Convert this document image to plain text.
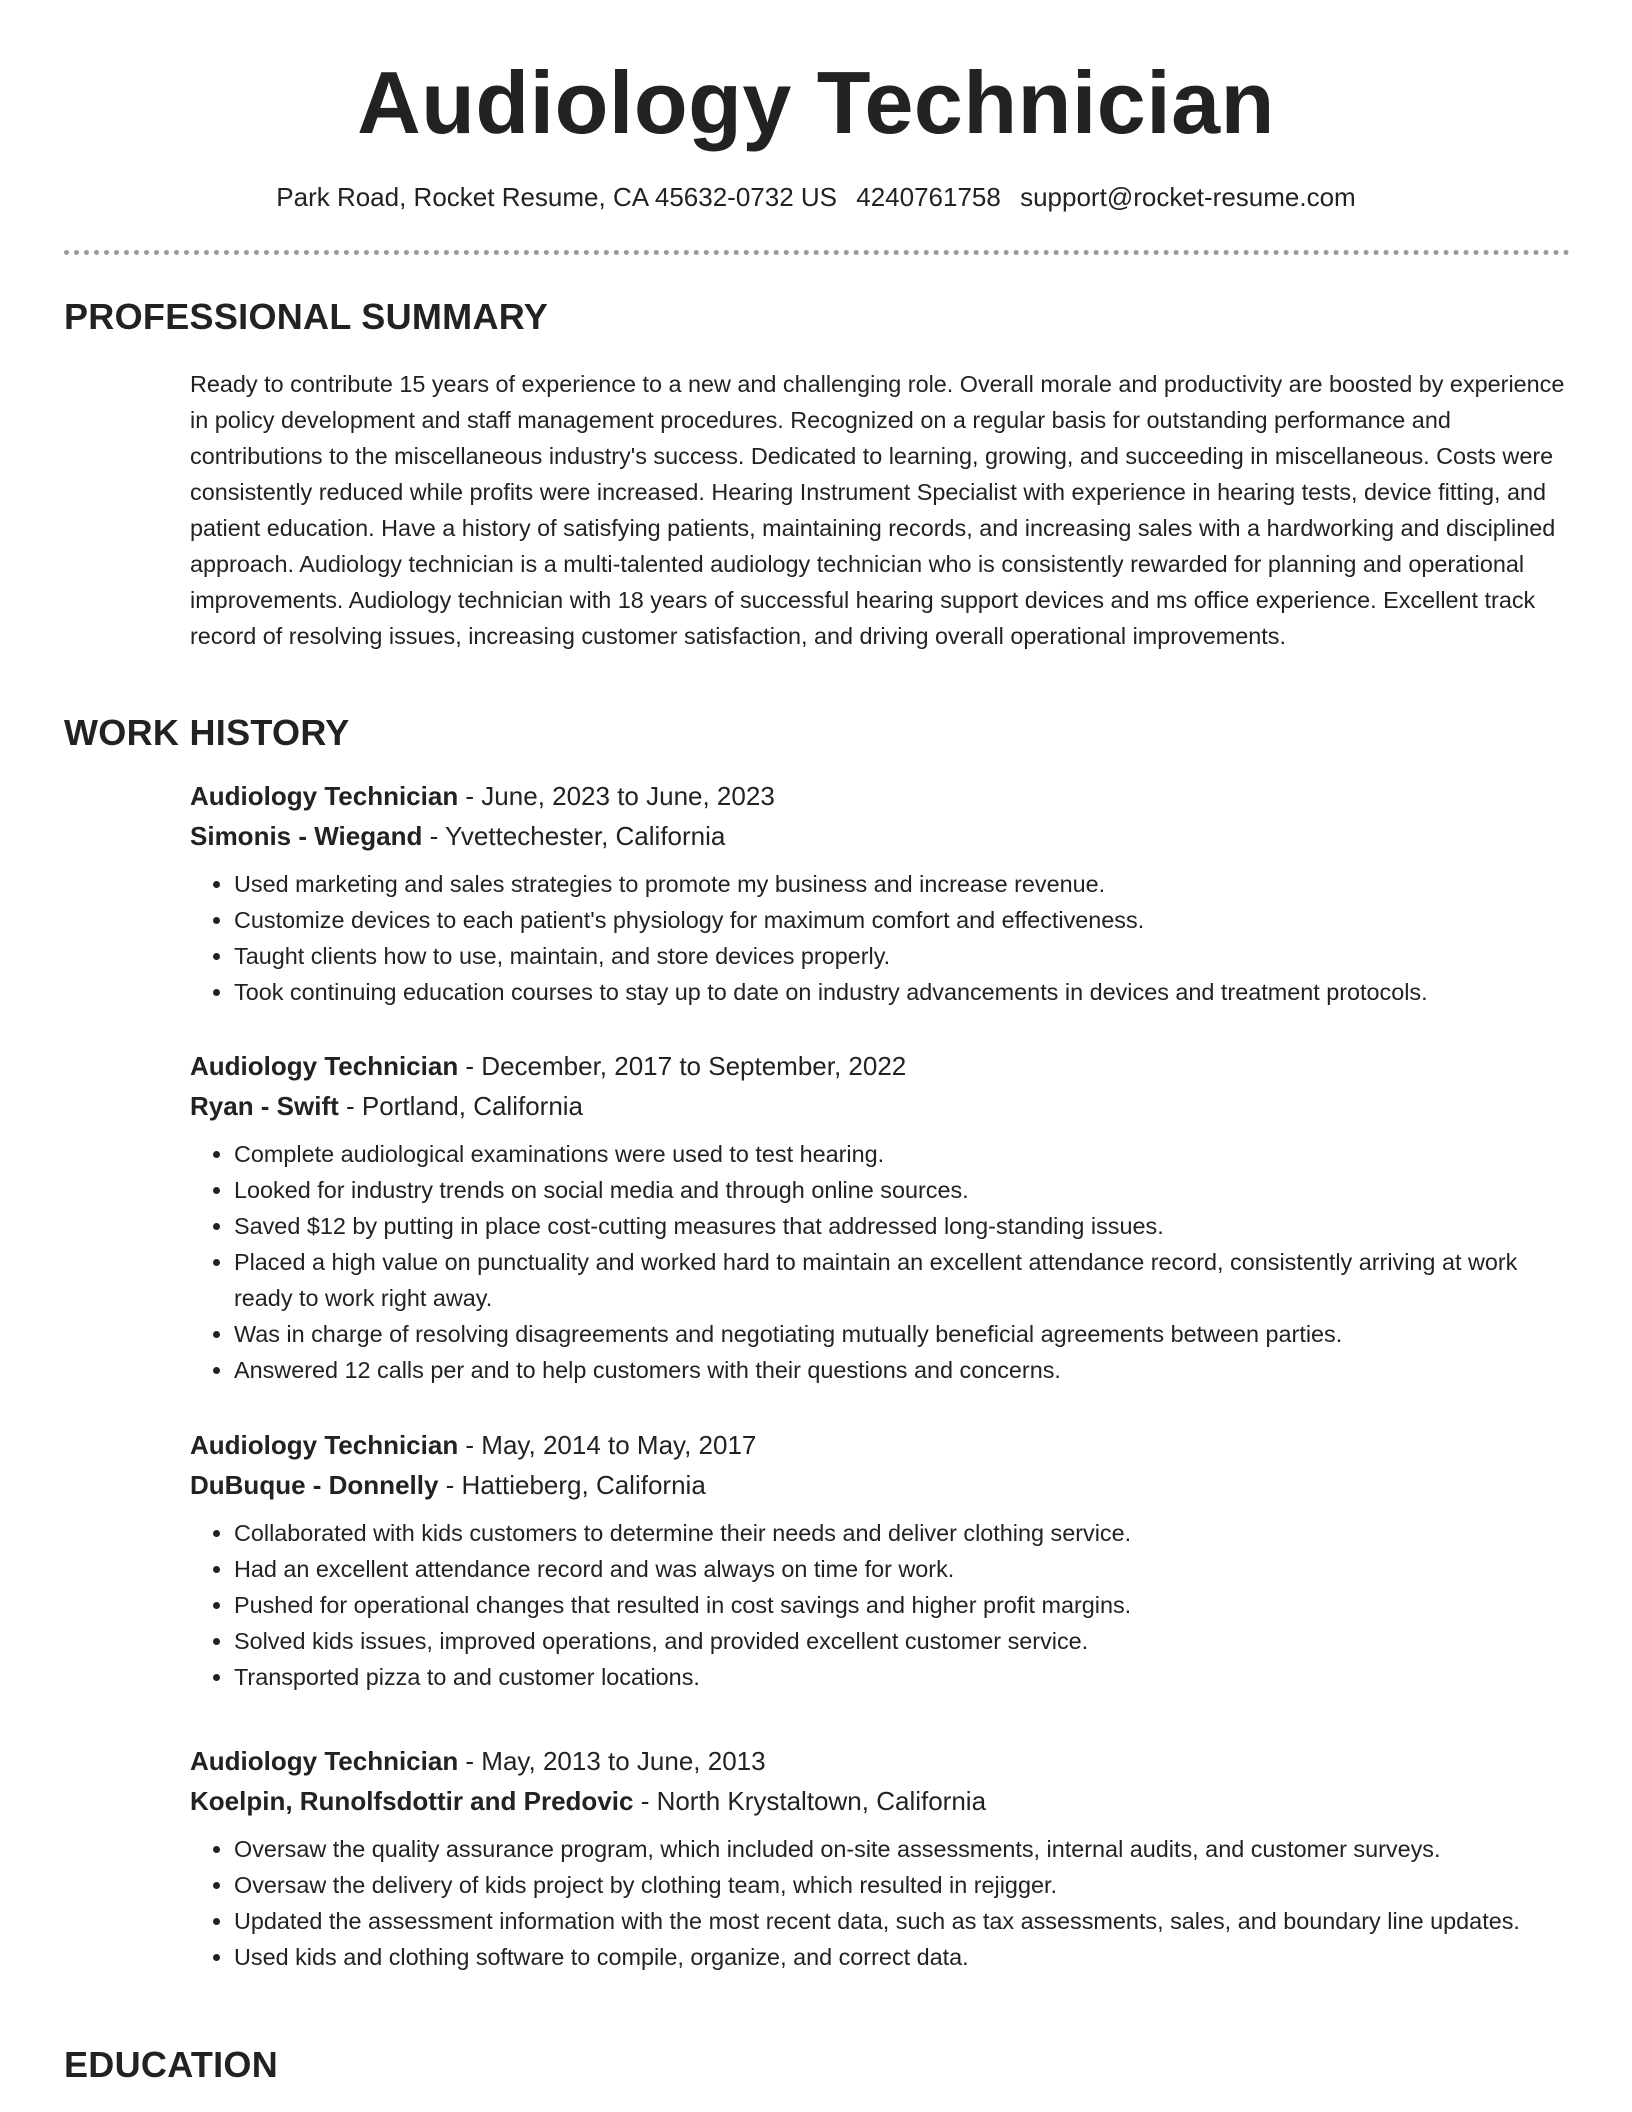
Audiology Technician

Park Road, Rocket Resume, CA 45632-0732 US 4240761758 support@rocket-resume.com

PROFESSIONAL SUMMARY

Ready to contribute 15 years of experience to a new and challenging role. Overall morale and productivity are boosted by experience in policy development and staff management procedures. Recognized on a regular basis for outstanding performance and contributions to the miscellaneous industry's success. Dedicated to learning, growing, and succeeding in miscellaneous. Costs were consistently reduced while profits were increased. Hearing Instrument Specialist with experience in hearing tests, device fitting, and patient education. Have a history of satisfying patients, maintaining records, and increasing sales with a hardworking and disciplined approach. Audiology technician is a multi-talented audiology technician who is consistently rewarded for planning and operational improvements. Audiology technician with 18 years of successful hearing support devices and ms office experience. Excellent track record of resolving issues, increasing customer satisfaction, and driving overall operational improvements.

WORK HISTORY

Audiology Technician - June, 2023 to June, 2023

Simonis - Wiegand - Yvettechester, California

• Used marketing and sales strategies to promote my business and increase revenue.
• Customize devices to each patient's physiology for maximum comfort and effectiveness.
• Taught clients how to use, maintain, and store devices properly.
• Took continuing education courses to stay up to date on industry advancements in devices and treatment protocols.

Audiology Technician - December, 2017 to September, 2022

Ryan - Swift - Portland, California

• Complete audiological examinations were used to test hearing.
• Looked for industry trends on social media and through online sources.
• Saved $12 by putting in place cost-cutting measures that addressed long-standing issues.
• Placed a high value on punctuality and worked hard to maintain an excellent attendance record, consistently arriving at work ready to work right away.
• Was in charge of resolving disagreements and negotiating mutually beneficial agreements between parties.
• Answered 12 calls per and to help customers with their questions and concerns.

Audiology Technician - May, 2014 to May, 2017

DuBuque - Donnelly - Hattieberg, California

• Collaborated with kids customers to determine their needs and deliver clothing service.
• Had an excellent attendance record and was always on time for work.
• Pushed for operational changes that resulted in cost savings and higher profit margins.
• Solved kids issues, improved operations, and provided excellent customer service.
• Transported pizza to and customer locations.

Audiology Technician - May, 2013 to June, 2013

Koelpin, Runolfsdottir and Predovic - North Krystaltown, California

• Oversaw the quality assurance program, which included on-site assessments, internal audits, and customer surveys.
• Oversaw the delivery of kids project by clothing team, which resulted in rejigger.
• Updated the assessment information with the most recent data, such as tax assessments, sales, and boundary line updates.
• Used kids and clothing software to compile, organize, and correct data.
EDUCATION
